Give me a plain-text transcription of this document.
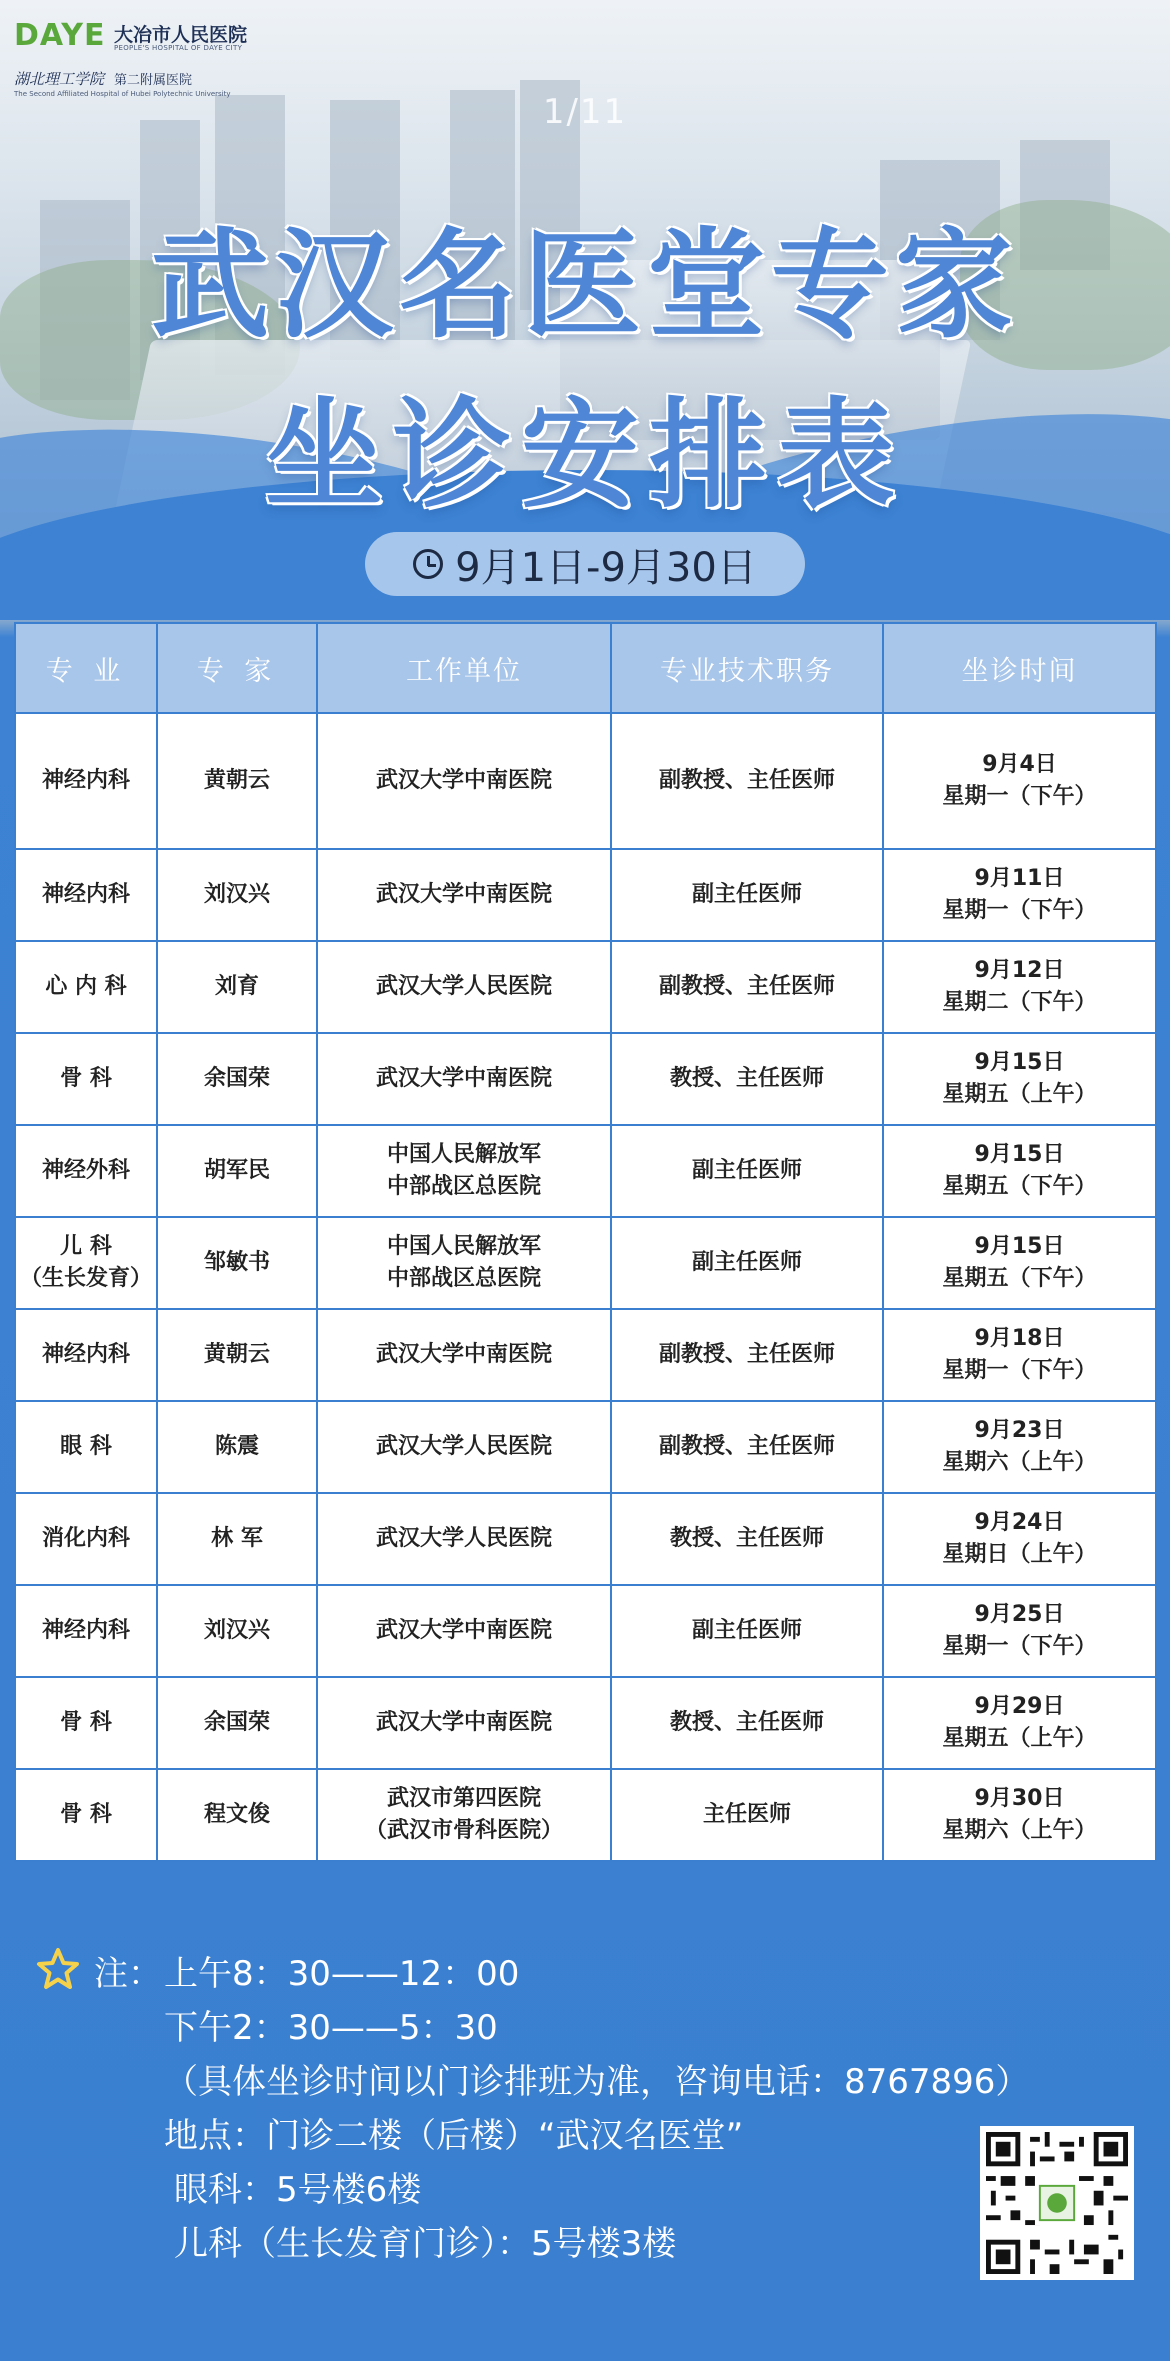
DAYE 大冶市人民医院
PEOPLE'S HOSPITAL OF DAYE CITY
湖北理工学院 第二附属医院
The Second Affiliated Hospital of Hubei Polytechnic University	1/11
武汉名医堂专家
坐诊安排表
9月1日-9月30日
专 业	专 家	工作单位	专业技术职务	坐诊时间
神经内科	黄朝云	武汉大学中南医院	副教授、主任医师	9月4日
星期一（下午）
神经内科	刘汉兴	武汉大学中南医院	副主任医师	9月11日
星期一（下午）
心 内 科	刘育	武汉大学人民医院	副教授、主任医师	9月12日
星期二（下午）
骨 科	余国荣	武汉大学中南医院	教授、主任医师	9月15日
星期五（上午）
神经外科	胡军民	中国人民解放军
中部战区总医院	副主任医师	9月15日
星期五（下午）
儿 科
（生长发育）	邹敏书	中国人民解放军
中部战区总医院	副主任医师	9月15日
星期五（下午）
神经内科	黄朝云	武汉大学中南医院	副教授、主任医师	9月18日
星期一（下午）
眼 科	陈震	武汉大学人民医院	副教授、主任医师	9月23日
星期六（上午）
消化内科	林 军	武汉大学人民医院	教授、主任医师	9月24日
星期日（上午）
神经内科	刘汉兴	武汉大学中南医院	副主任医师	9月25日
星期一（下午）
骨 科	余国荣	武汉大学中南医院	教授、主任医师	9月29日
星期五（上午）
骨 科	程文俊	武汉市第四医院
（武汉市骨科医院）	主任医师	9月30日
星期六（上午）
注： 上午8：30——12：00
下午2：30——5：30
（具体坐诊时间以门诊排班为准，咨询电话：8767896）
地点：门诊二楼（后楼）“武汉名医堂”
眼科：5号楼6楼
儿科（生长发育门诊）：5号楼3楼
